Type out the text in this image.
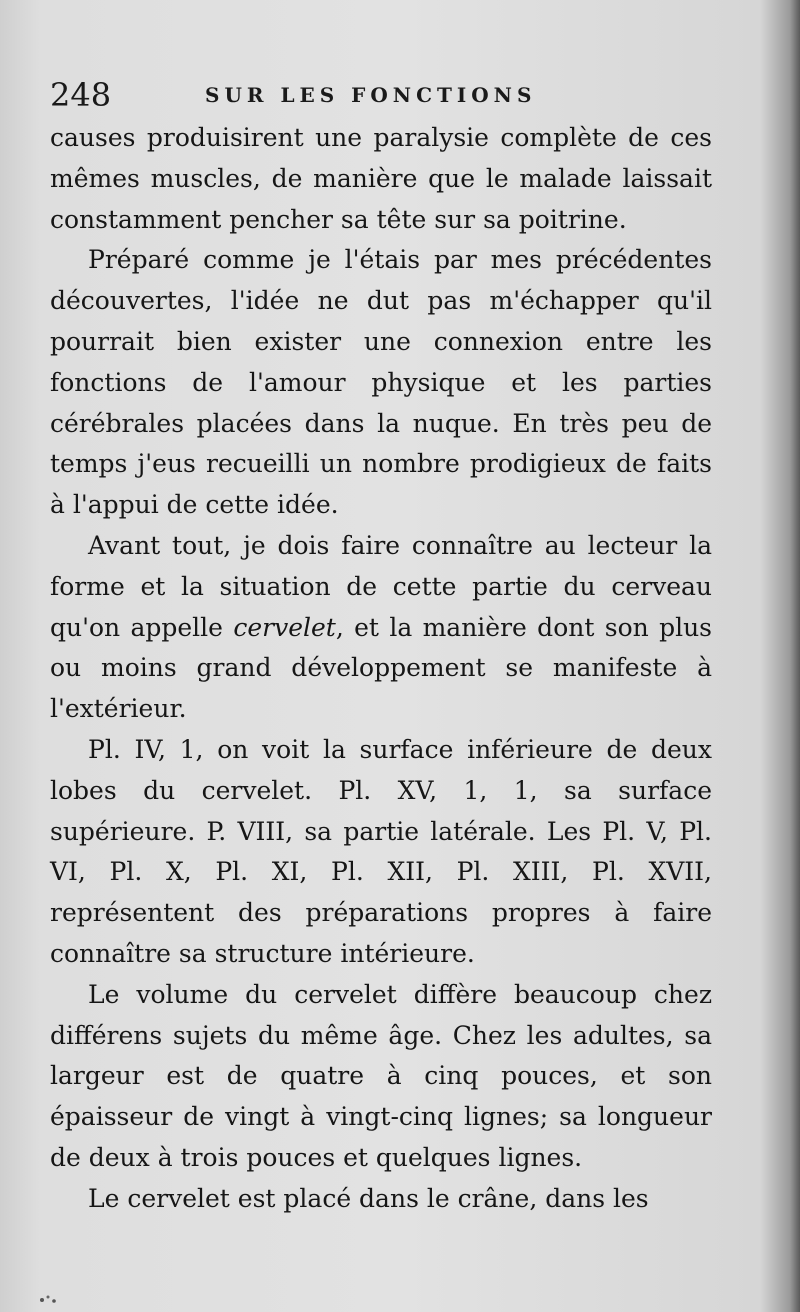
248	SUR LES FONCTIONS

causes produisirent une paralysie complète de ces mêmes muscles, de manière que le malade laissait constamment pencher sa tête sur sa poitrine.

Préparé comme je l'étais par mes précédentes découvertes, l'idée ne dut pas m'échapper qu'il pourrait bien exister une connexion entre les fonctions de l'amour physique et les parties cérébrales placées dans la nuque. En très peu de temps j'eus recueilli un nombre prodigieux de faits à l'appui de cette idée.

Avant tout, je dois faire connaître au lecteur la forme et la situation de cette partie du cerveau qu'on appelle cervelet, et la manière dont son plus ou moins grand développement se manifeste à l'extérieur.

Pl. IV, 1, on voit la surface inférieure de deux lobes du cervelet. Pl. XV, 1, 1, sa surface supérieure. P. VIII, sa partie latérale. Les Pl. V, Pl. VI, Pl. X, Pl. XI, Pl. XII, Pl. XIII, Pl. XVII, représentent des préparations propres à faire connaître sa structure intérieure.

Le volume du cervelet diffère beaucoup chez différens sujets du même âge. Chez les adultes, sa largeur est de quatre à cinq pouces, et son épaisseur de vingt à vingt-cinq lignes; sa longueur de deux à trois pouces et quelques lignes.

Le cervelet est placé dans le crâne, dans les
